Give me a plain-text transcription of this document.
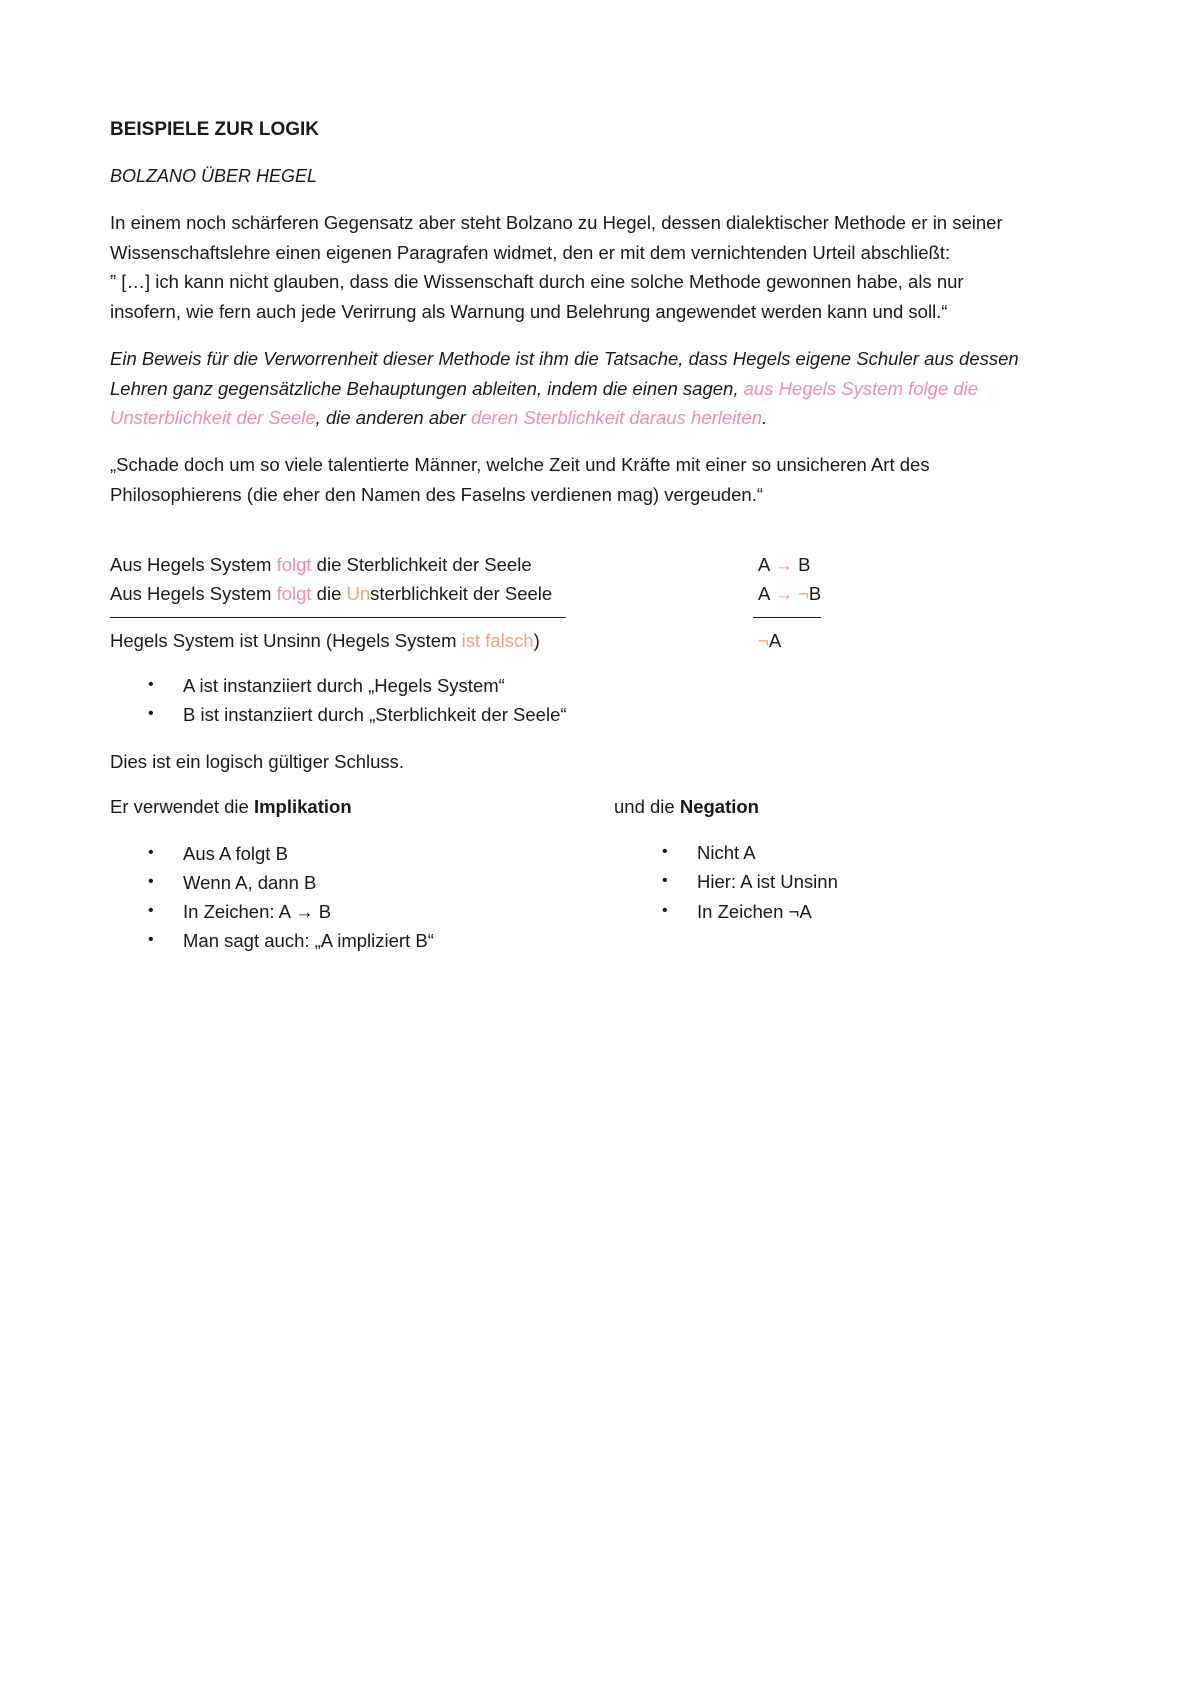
BEISPIELE ZUR LOGIK
BOLZANO ÜBER HEGEL
In einem noch schärferen Gegensatz aber steht Bolzano zu Hegel, dessen dialektischer Methode er in seiner
Wissenschaftslehre einen eigenen Paragrafen widmet, den er mit dem vernichtenden Urteil abschließt:
” […] ich kann nicht glauben, dass die Wissenschaft durch eine solche Methode gewonnen habe, als nur
insofern, wie fern auch jede Verirrung als Warnung und Belehrung angewendet werden kann und soll.“
Ein Beweis für die Verworrenheit dieser Methode ist ihm die Tatsache, dass Hegels eigene Schuler aus dessen
Lehren ganz gegensätzliche Behauptungen ableiten, indem die einen sagen, aus Hegels System folge die
Unsterblichkeit der Seele, die anderen aber deren Sterblichkeit daraus herleiten.
„Schade doch um so viele talentierte Männer, welche Zeit und Kräfte mit einer so unsicheren Art des
Philosophierens (die eher den Namen des Faselns verdienen mag) vergeuden.“
Aus Hegels System folgt die Sterblichkeit der Seele	A → B
Aus Hegels System folgt die Unsterblichkeit der Seele	A → ¬B
Hegels System ist Unsinn (Hegels System ist falsch)	¬A
• A ist instanziiert durch „Hegels System“
• B ist instanziiert durch „Sterblichkeit der Seele“
Dies ist ein logisch gültiger Schluss.
Er verwendet die Implikation	und die Negation
• Aus A folgt B
• Wenn A, dann B
• In Zeichen: A → B
• Man sagt auch: „A impliziert B“
• Nicht A
• Hier: A ist Unsinn
• In Zeichen ¬A
